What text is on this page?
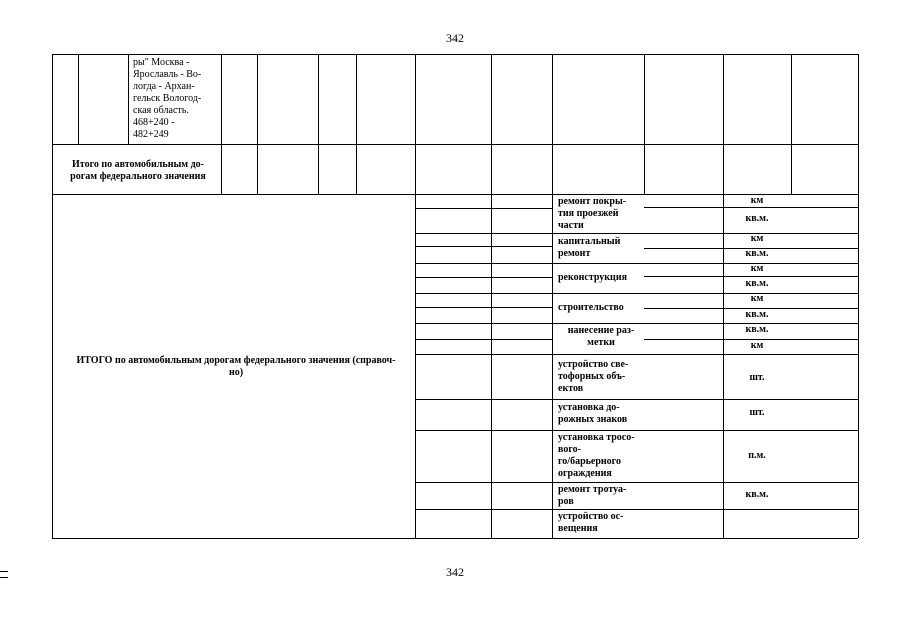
342
ры" Москва -
Ярославль - Во-
логда - Архан-
гельск Вологод-
ская область.
468+240 -
482+249
Итого по автомобильным до-
рогам федерального значения
ИТОГО по автомобильным дорогам федерального значения (справоч-
но)
ремонт покры-
тия проезжей
части
капитальный
ремонт
реконструкция
строительство
нанесение раз-
метки
устройство све-
тофорных объ-
ектов
установка до-
рожных знаков
установка тросо-
вого-
го/барьерного
ограждения
ремонт тротуа-
ров
устройство ос-
вещения
км
кв.м.
км
кв.м.
км
кв.м.
км
кв.м.
кв.м.
км
шт.
шт.
п.м.
кв.м.
342
